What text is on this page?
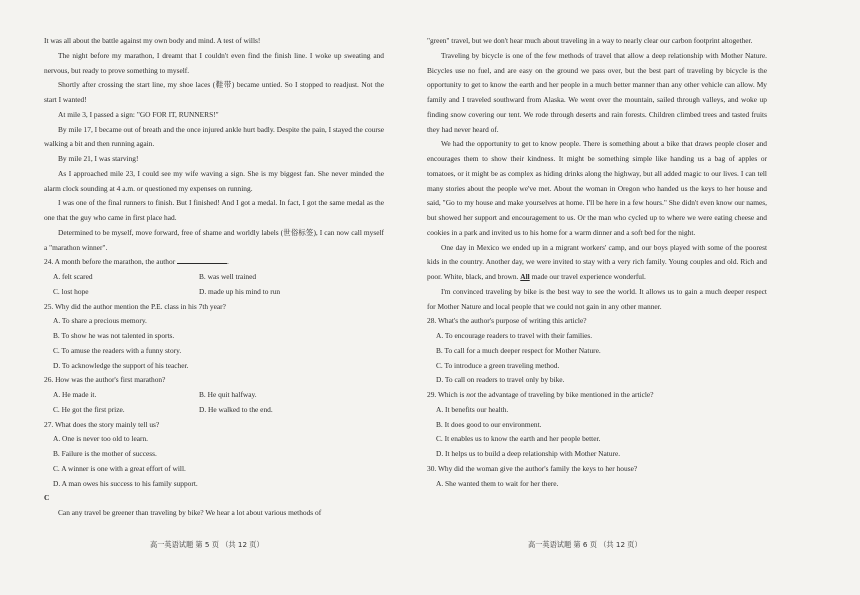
It was all about the battle against my own body and mind. A test of wills!

The night before my marathon, I dreamt that I couldn't even find the finish line. I woke up sweating and nervous, but ready to prove something to myself.

Shortly after crossing the start line, my shoe laces (鞋带) became untied. So I stopped to readjust. Not the start I wanted!

At mile 3, I passed a sign: "GO FOR IT, RUNNERS!"

By mile 17, I became out of breath and the once injured ankle hurt badly. Despite the pain, I stayed the course walking a bit and then running again.

By mile 21, I was starving!

As I approached mile 23, I could see my wife waving a sign. She is my biggest fan. She never minded the alarm clock sounding at 4 a.m. or questioned my expenses on running.

I was one of the final runners to finish. But I finished! And I got a medal. In fact, I got the same medal as the one that the guy who came in first place had.

Determined to be myself, move forward, free of shame and worldly labels (世俗标签), I can now call myself a "marathon winner".

24. A month before the marathon, the author	.

A. felt scared	B. was well trained
C. lost hope	D. made up his mind to run

25. Why did the author mention the P.E. class in his 7th year?

A. To share a precious memory.

B. To show he was not talented in sports.

C. To amuse the readers with a funny story.

D. To acknowledge the support of his teacher.

26. How was the author's first marathon?

A. He made it.	B. He quit halfway.
C. He got the first prize.	D. He walked to the end.

27. What does the story mainly tell us?

A. One is never too old to learn.

B. Failure is the mother of success.

C. A winner is one with a great effort of will.

D. A man owes his success to his family support.

C

Can any travel be greener than traveling by bike? We hear a lot about various methods of

"green" travel, but we don't hear much about traveling in a way to nearly clear our carbon footprint altogether.

Traveling by bicycle is one of the few methods of travel that allow a deep relationship with Mother Nature. Bicycles use no fuel, and are easy on the ground we pass over, but the best part of traveling by bicycle is the opportunity to get to know the earth and her people in a much better manner than any other vehicle can allow. My family and I traveled southward from Alaska. We went over the mountain, sailed through valleys, and woke up finding snow covering our tent. We rode through deserts and rain forests. Children climbed trees and tasted fruits they had never heard of.

We had the opportunity to get to know people. There is something about a bike that draws people closer and encourages them to show their kindness. It might be something simple like handing us a bag of apples or tomatoes, or it might be as complex as hiding drinks along the highway, but all added magic to our lives. I can tell many stories about the people we've met. About the woman in Oregon who handed us the keys to her house and said, "Go to my house and make yourselves at home. I'll be here in a few hours." She didn't even know our names, but showed her support and encouragement to us. Or the man who cycled up to where we were eating cheese and cookies in a park and invited us to his home for a warm dinner and a soft bed for the night.

One day in Mexico we ended up in a migrant workers' camp, and our boys played with some of the poorest kids in the country. Another day, we were invited to stay with a very rich family. Young couples and old. Rich and poor. White, black, and brown. All made our travel experience wonderful.

I'm convinced traveling by bike is the best way to see the world. It allows us to gain a much deeper respect for Mother Nature and local people that we could not gain in any other manner.

28. What's the author's purpose of writing this article?

A. To encourage readers to travel with their families.

B. To call for a much deeper respect for Mother Nature.

C. To introduce a green traveling method.

D. To call on readers to travel only by bike.

29. Which is not the advantage of traveling by bike mentioned in the article?

A. It benefits our health.

B. It does good to our environment.

C. It enables us to know the earth and her people better.

D. It helps us to build a deep relationship with Mother Nature.

30. Why did the woman give the author's family the keys to her house?

A. She wanted them to wait for her there.

高一英语试题 第 5 页 （共 12 页）	高一英语试题 第 6 页 （共 12 页）
